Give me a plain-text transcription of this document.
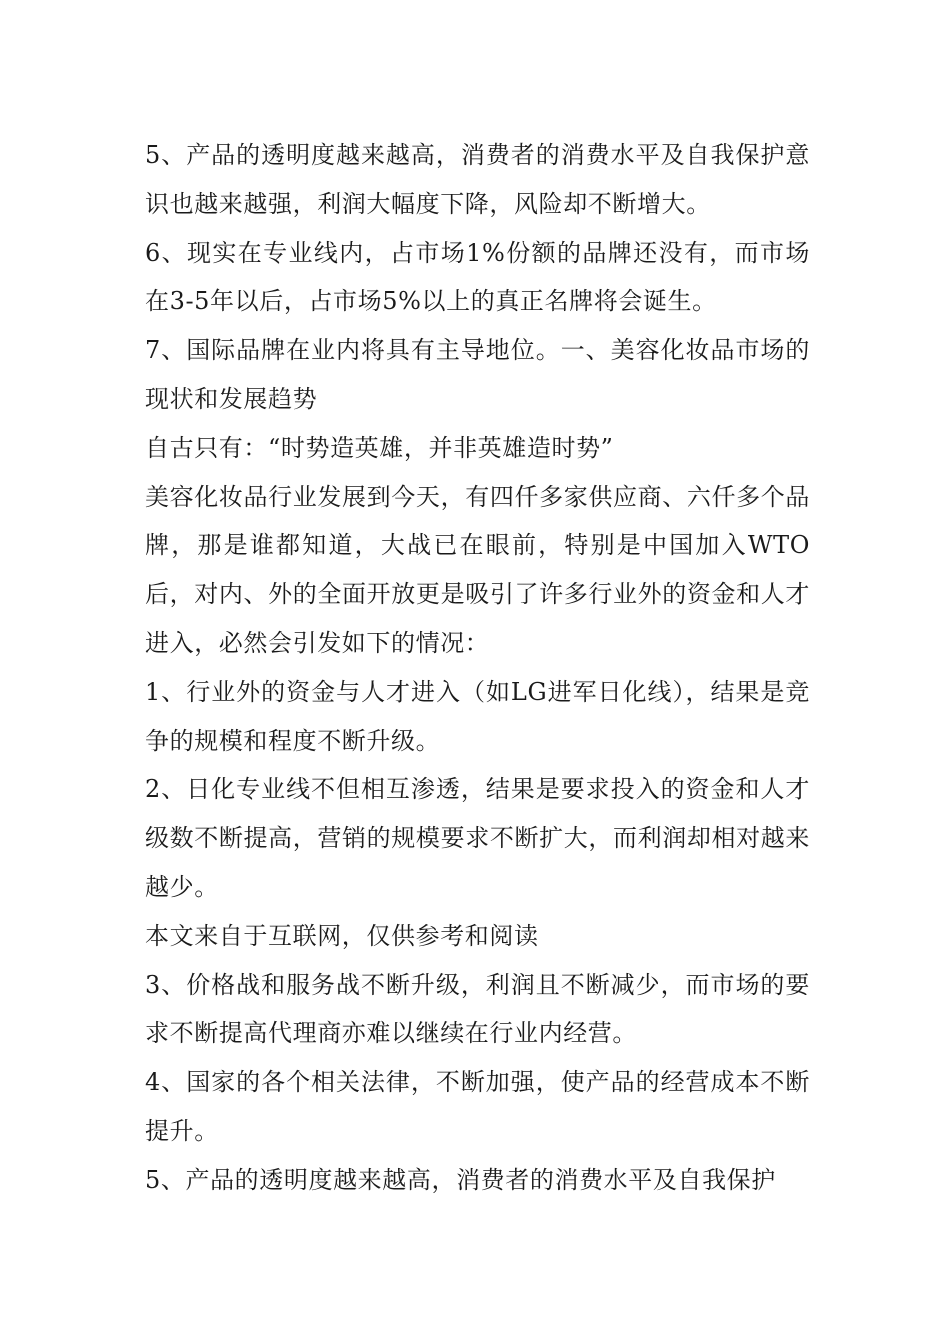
5、产品的透明度越来越高，消费者的消费水平及自我保护意识也越来越强，利润大幅度下降，风险却不断增大。

6、现实在专业线内，占市场1%份额的品牌还没有，而市场在3-5年以后，占市场5%以上的真正名牌将会诞生。

7、国际品牌在业内将具有主导地位。一、美容化妆品市场的现状和发展趋势

自古只有：“时势造英雄，并非英雄造时势”

美容化妆品行业发展到今天，有四仟多家供应商、六仟多个品牌，那是谁都知道，大战已在眼前，特别是中国加入WTO后，对内、外的全面开放更是吸引了许多行业外的资金和人才进入，必然会引发如下的情况：

1、行业外的资金与人才进入（如LG进军日化线），结果是竞争的规模和程度不断升级。

2、日化专业线不但相互渗透，结果是要求投入的资金和人才级数不断提高，营销的规模要求不断扩大，而利润却相对越来越少。

本文来自于互联网，仅供参考和阅读

3、价格战和服务战不断升级，利润且不断减少，而市场的要求不断提高代理商亦难以继续在行业内经营。

4、国家的各个相关法律，不断加强，使产品的经营成本不断提升。

5、产品的透明度越来越高，消费者的消费水平及自我保护
